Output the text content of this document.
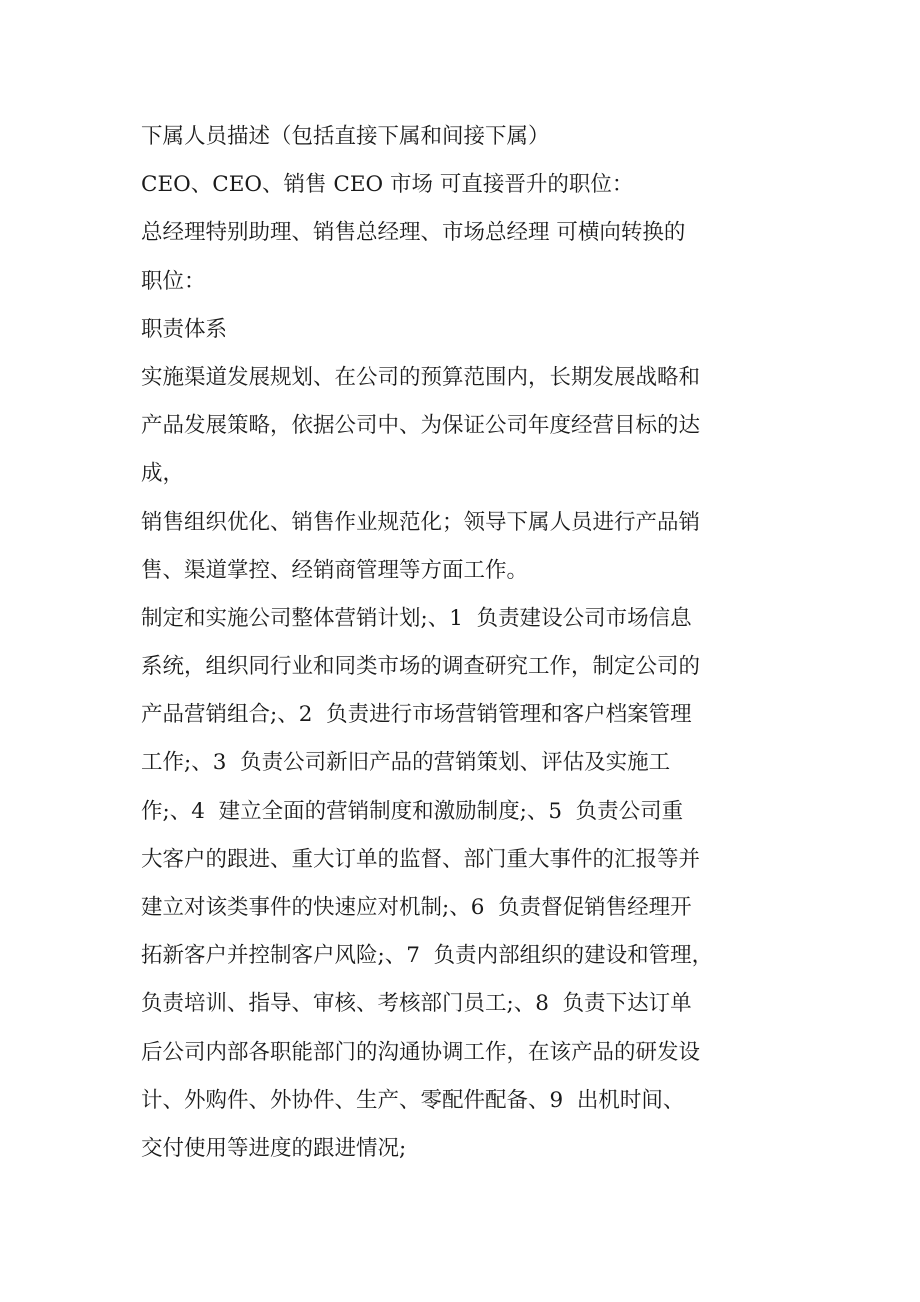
下属人员描述（包括直接下属和间接下属）
CEO、CEO、销售 CEO 市场 可直接晋升的职位：
总经理特别助理、销售总经理、市场总经理 可横向转换的
职位：
职责体系
实施渠道发展规划、在公司的预算范围内，长期发展战略和
产品发展策略，依据公司中、为保证公司年度经营目标的达
成，
销售组织优化、销售作业规范化；领导下属人员进行产品销
售、渠道掌控、经销商管理等方面工作。
制定和实施公司整体营销计划;、1  负责建设公司市场信息
系统，组织同行业和同类市场的调查研究工作，制定公司的
产品营销组合;、2  负责进行市场营销管理和客户档案管理
工作;、3  负责公司新旧产品的营销策划、评估及实施工
作;、4  建立全面的营销制度和激励制度;、5  负责公司重
大客户的跟进、重大订单的监督、部门重大事件的汇报等并
建立对该类事件的快速应对机制;、6  负责督促销售经理开
拓新客户并控制客户风险;、7  负责内部组织的建设和管理，
负责培训、指导、审核、考核部门员工;、8  负责下达订单
后公司内部各职能部门的沟通协调工作，在该产品的研发设
计、外购件、外协件、生产、零配件配备、9  出机时间、
交付使用等进度的跟进情况;
